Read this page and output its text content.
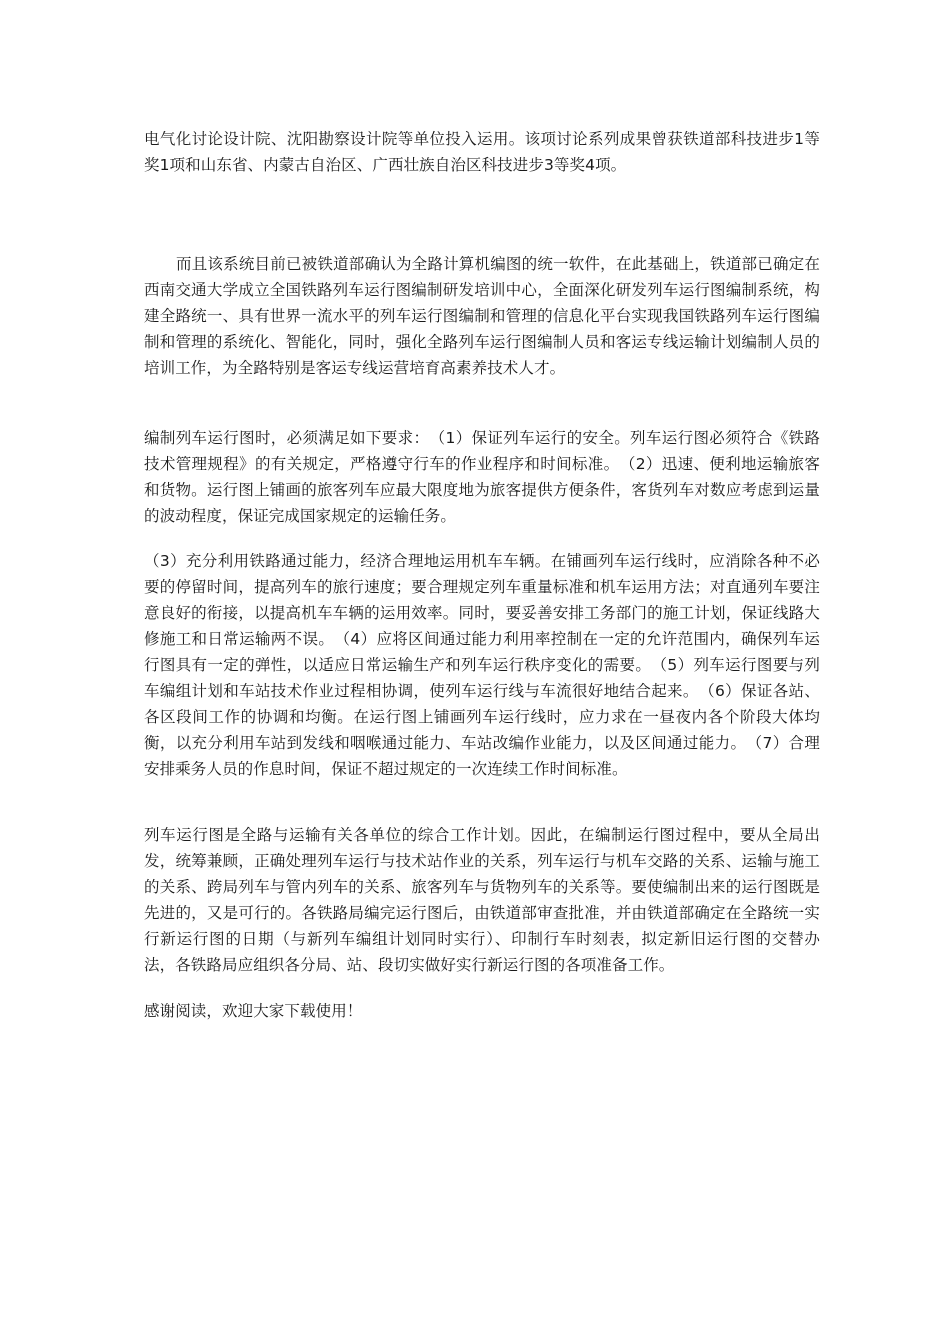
电气化讨论设计院、沈阳勘察设计院等单位投入运用。该项讨论系列成果曾获铁道部科技进步1等奖1项和山东省、内蒙古自治区、广西壮族自治区科技进步3等奖4项。

而且该系统目前已被铁道部确认为全路计算机编图的统一软件，在此基础上，铁道部已确定在西南交通大学成立全国铁路列车运行图编制研发培训中心，全面深化研发列车运行图编制系统，构建全路统一、具有世界一流水平的列车运行图编制和管理的信息化平台实现我国铁路列车运行图编制和管理的系统化、智能化，同时，强化全路列车运行图编制人员和客运专线运输计划编制人员的培训工作，为全路特别是客运专线运营培育高素养技术人才。

编制列车运行图时，必须满足如下要求：　（1）保证列车运行的安全。列车运行图必须符合《铁路技术管理规程》的有关规定，严格遵守行车的作业程序和时间标准。　（2）迅速、便利地运输旅客和货物。运行图上铺画的旅客列车应最大限度地为旅客提供方便条件，客货列车对数应考虑到运量的波动程度，保证完成国家规定的运输任务。

（3）充分利用铁路通过能力，经济合理地运用机车车辆。在铺画列车运行线时，应消除各种不必要的停留时间，提高列车的旅行速度；要合理规定列车重量标准和机车运用方法；对直通列车要注意良好的衔接，以提高机车车辆的运用效率。同时，要妥善安排工务部门的施工计划，保证线路大修施工和日常运输两不误。　（4）应将区间通过能力利用率控制在一定的允许范围内，确保列车运行图具有一定的弹性，以适应日常运输生产和列车运行秩序变化的需要。　（5）列车运行图要与列车编组计划和车站技术作业过程相协调，使列车运行线与车流很好地结合起来。　（6）保证各站、各区段间工作的协调和均衡。在运行图上铺画列车运行线时，应力求在一昼夜内各个阶段大体均衡，以充分利用车站到发线和咽喉通过能力、车站改编作业能力，以及区间通过能力。　（7）合理安排乘务人员的作息时间，保证不超过规定的一次连续工作时间标准。

列车运行图是全路与运输有关各单位的综合工作计划。因此，在编制运行图过程中，要从全局出发，统筹兼顾，正确处理列车运行与技术站作业的关系，列车运行与机车交路的关系、运输与施工的关系、跨局列车与管内列车的关系、旅客列车与货物列车的关系等。要使编制出来的运行图既是先进的，又是可行的。各铁路局编完运行图后，由铁道部审查批准，并由铁道部确定在全路统一实行新运行图的日期（与新列车编组计划同时实行）、印制行车时刻表，拟定新旧运行图的交替办法，各铁路局应组织各分局、站、段切实做好实行新运行图的各项准备工作。

感谢阅读，欢迎大家下载使用！
